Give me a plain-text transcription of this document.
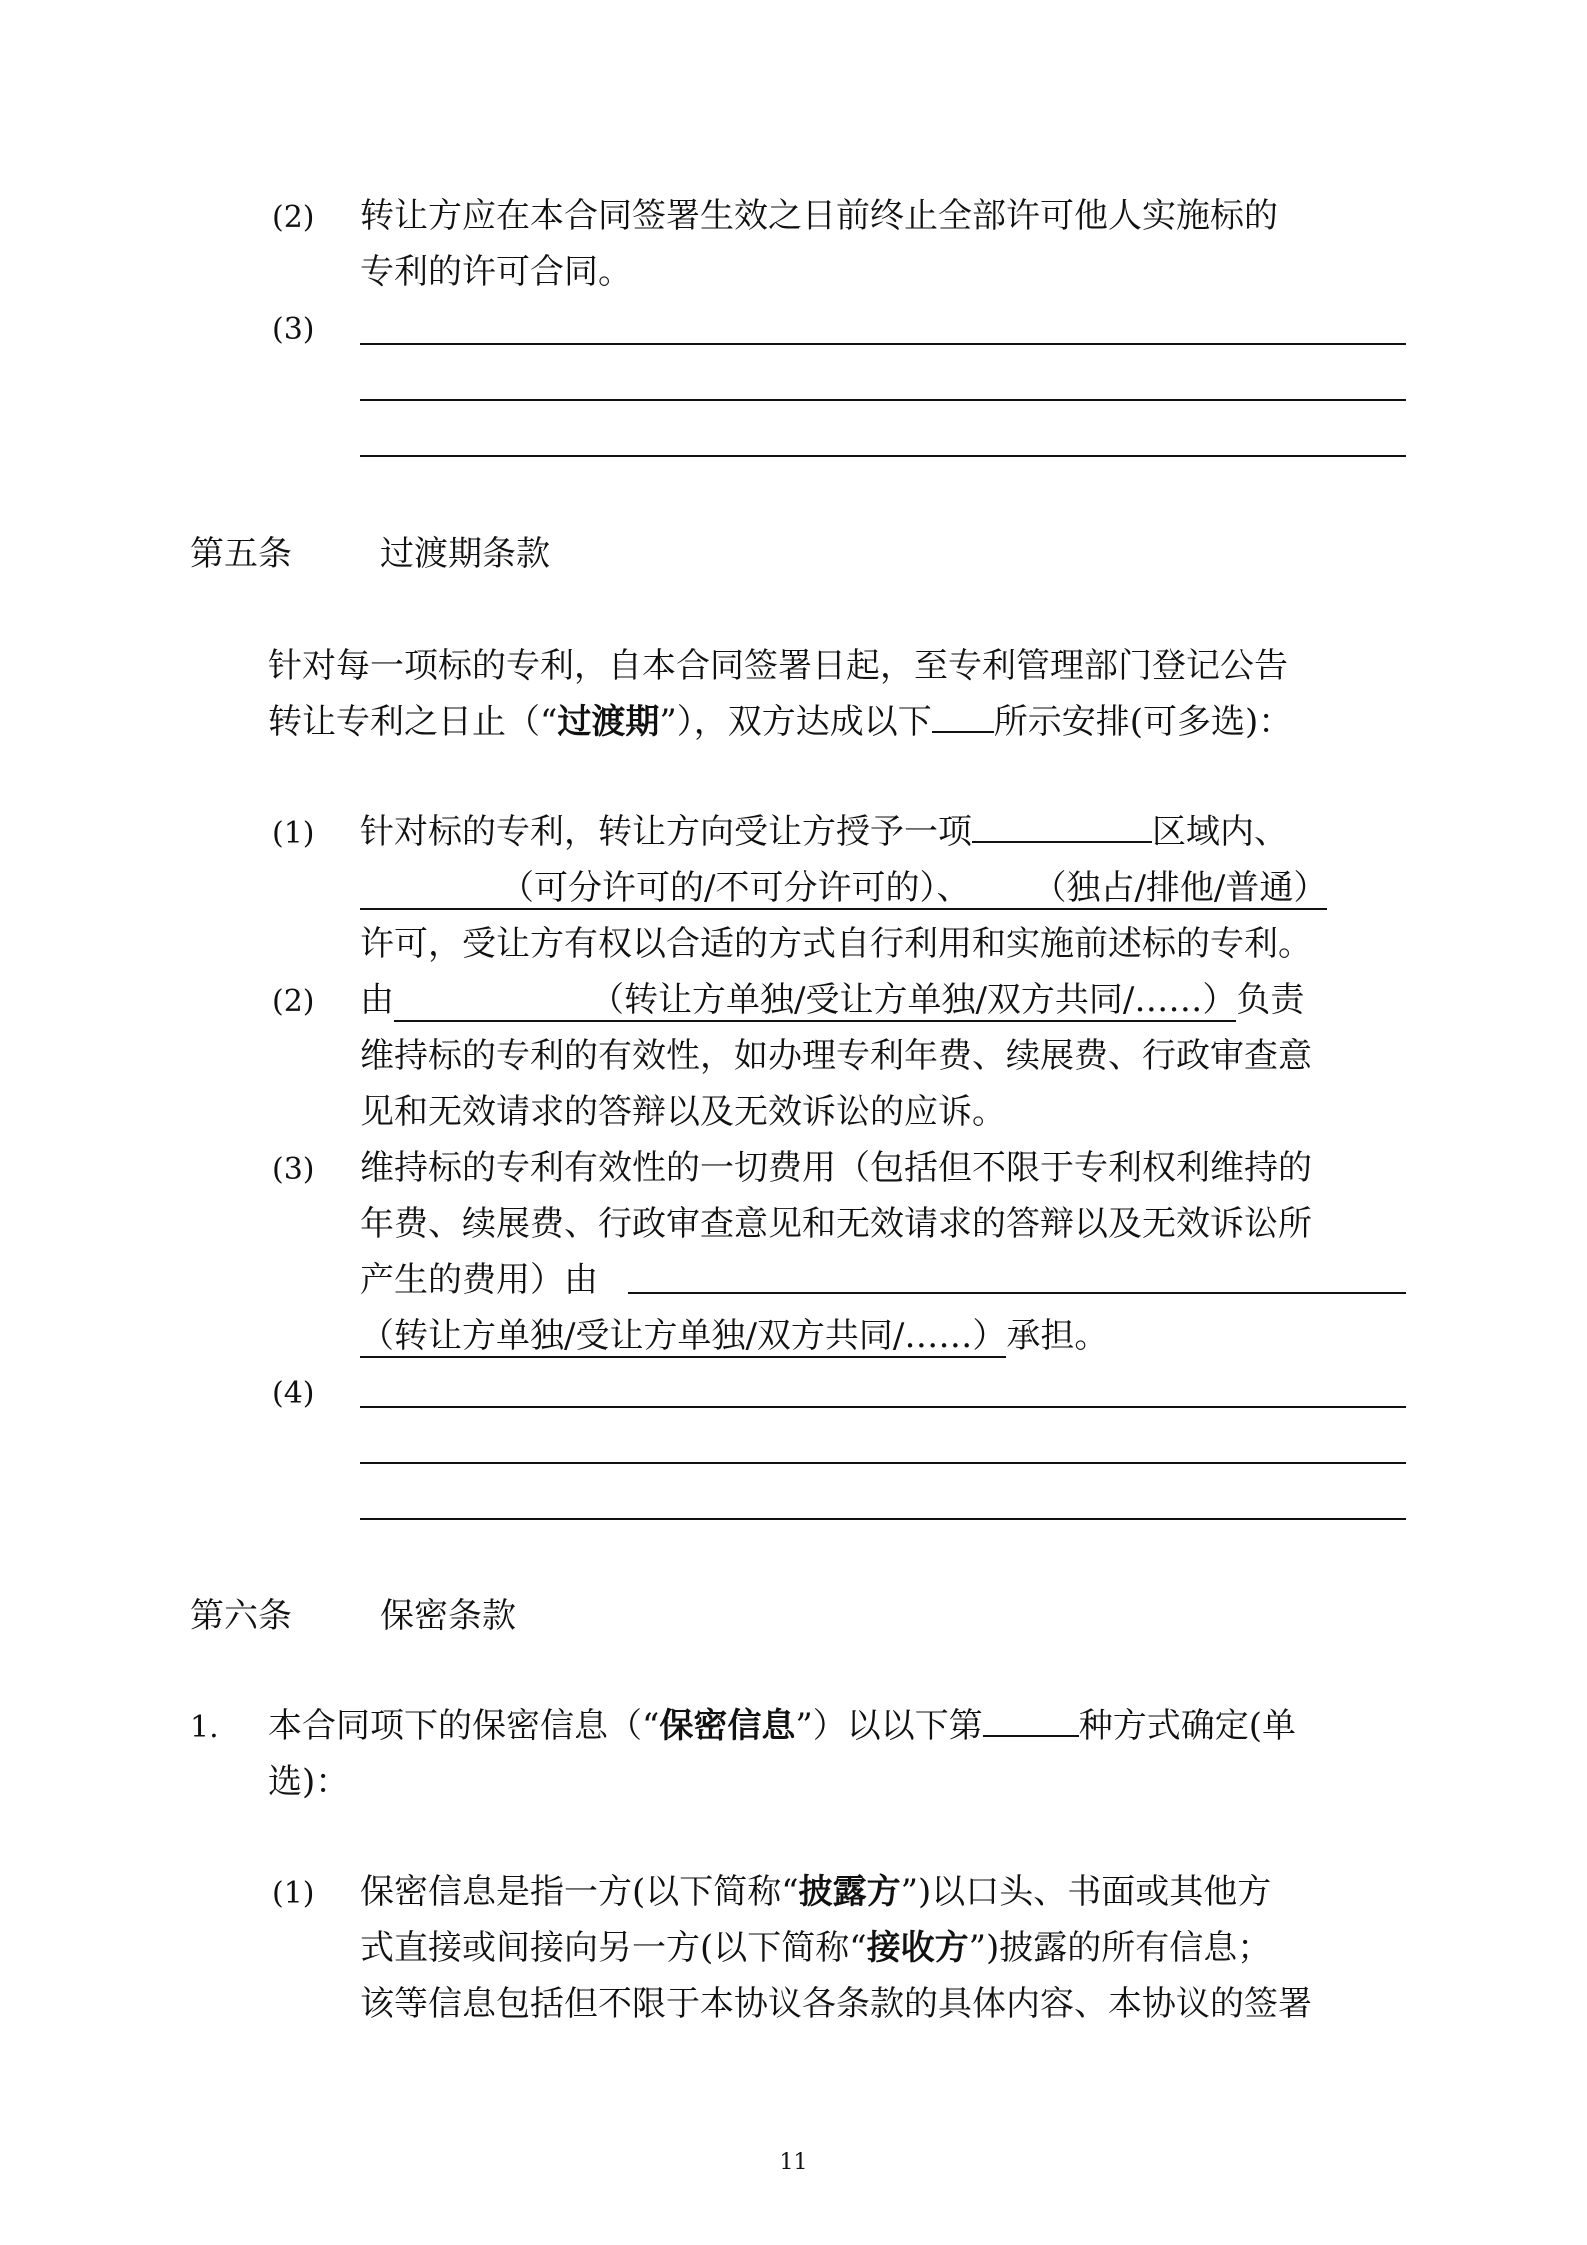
(2) 转让方应在本合同签署生效之日前终止全部许可他人实施标的
专利的许可合同。
(3)
第五条	过渡期条款
针对每一项标的专利，自本合同签署日起，至专利管理部门登记公告
转让专利之日止（“过渡期”），双方达成以下 所示安排(可多选)：
(1) 针对标的专利，转让方向受让方授予一项	区域内、
（可分许可的/不可分许可的）、 （独占/排他/普通）
许可，受让方有权以合适的方式自行利用和实施前述标的专利。
(2) 由	（转让方单独/受让方单独/双方共同/……）负责
维持标的专利的有效性，如办理专利年费、续展费、行政审查意
见和无效请求的答辩以及无效诉讼的应诉。
(3) 维持标的专利有效性的一切费用（包括但不限于专利权利维持的
年费、续展费、行政审查意见和无效请求的答辩以及无效诉讼所
产生的费用）由
（转让方单独/受让方单独/双方共同/……）承担。
(4)
第六条	保密条款
1. 本合同项下的保密信息（“保密信息”）以以下第	种方式确定(单
选)：
(1) 保密信息是指一方(以下简称“披露方”)以口头、书面或其他方
式直接或间接向另一方(以下简称“接收方”)披露的所有信息；
该等信息包括但不限于本协议各条款的具体内容、本协议的签署
11
